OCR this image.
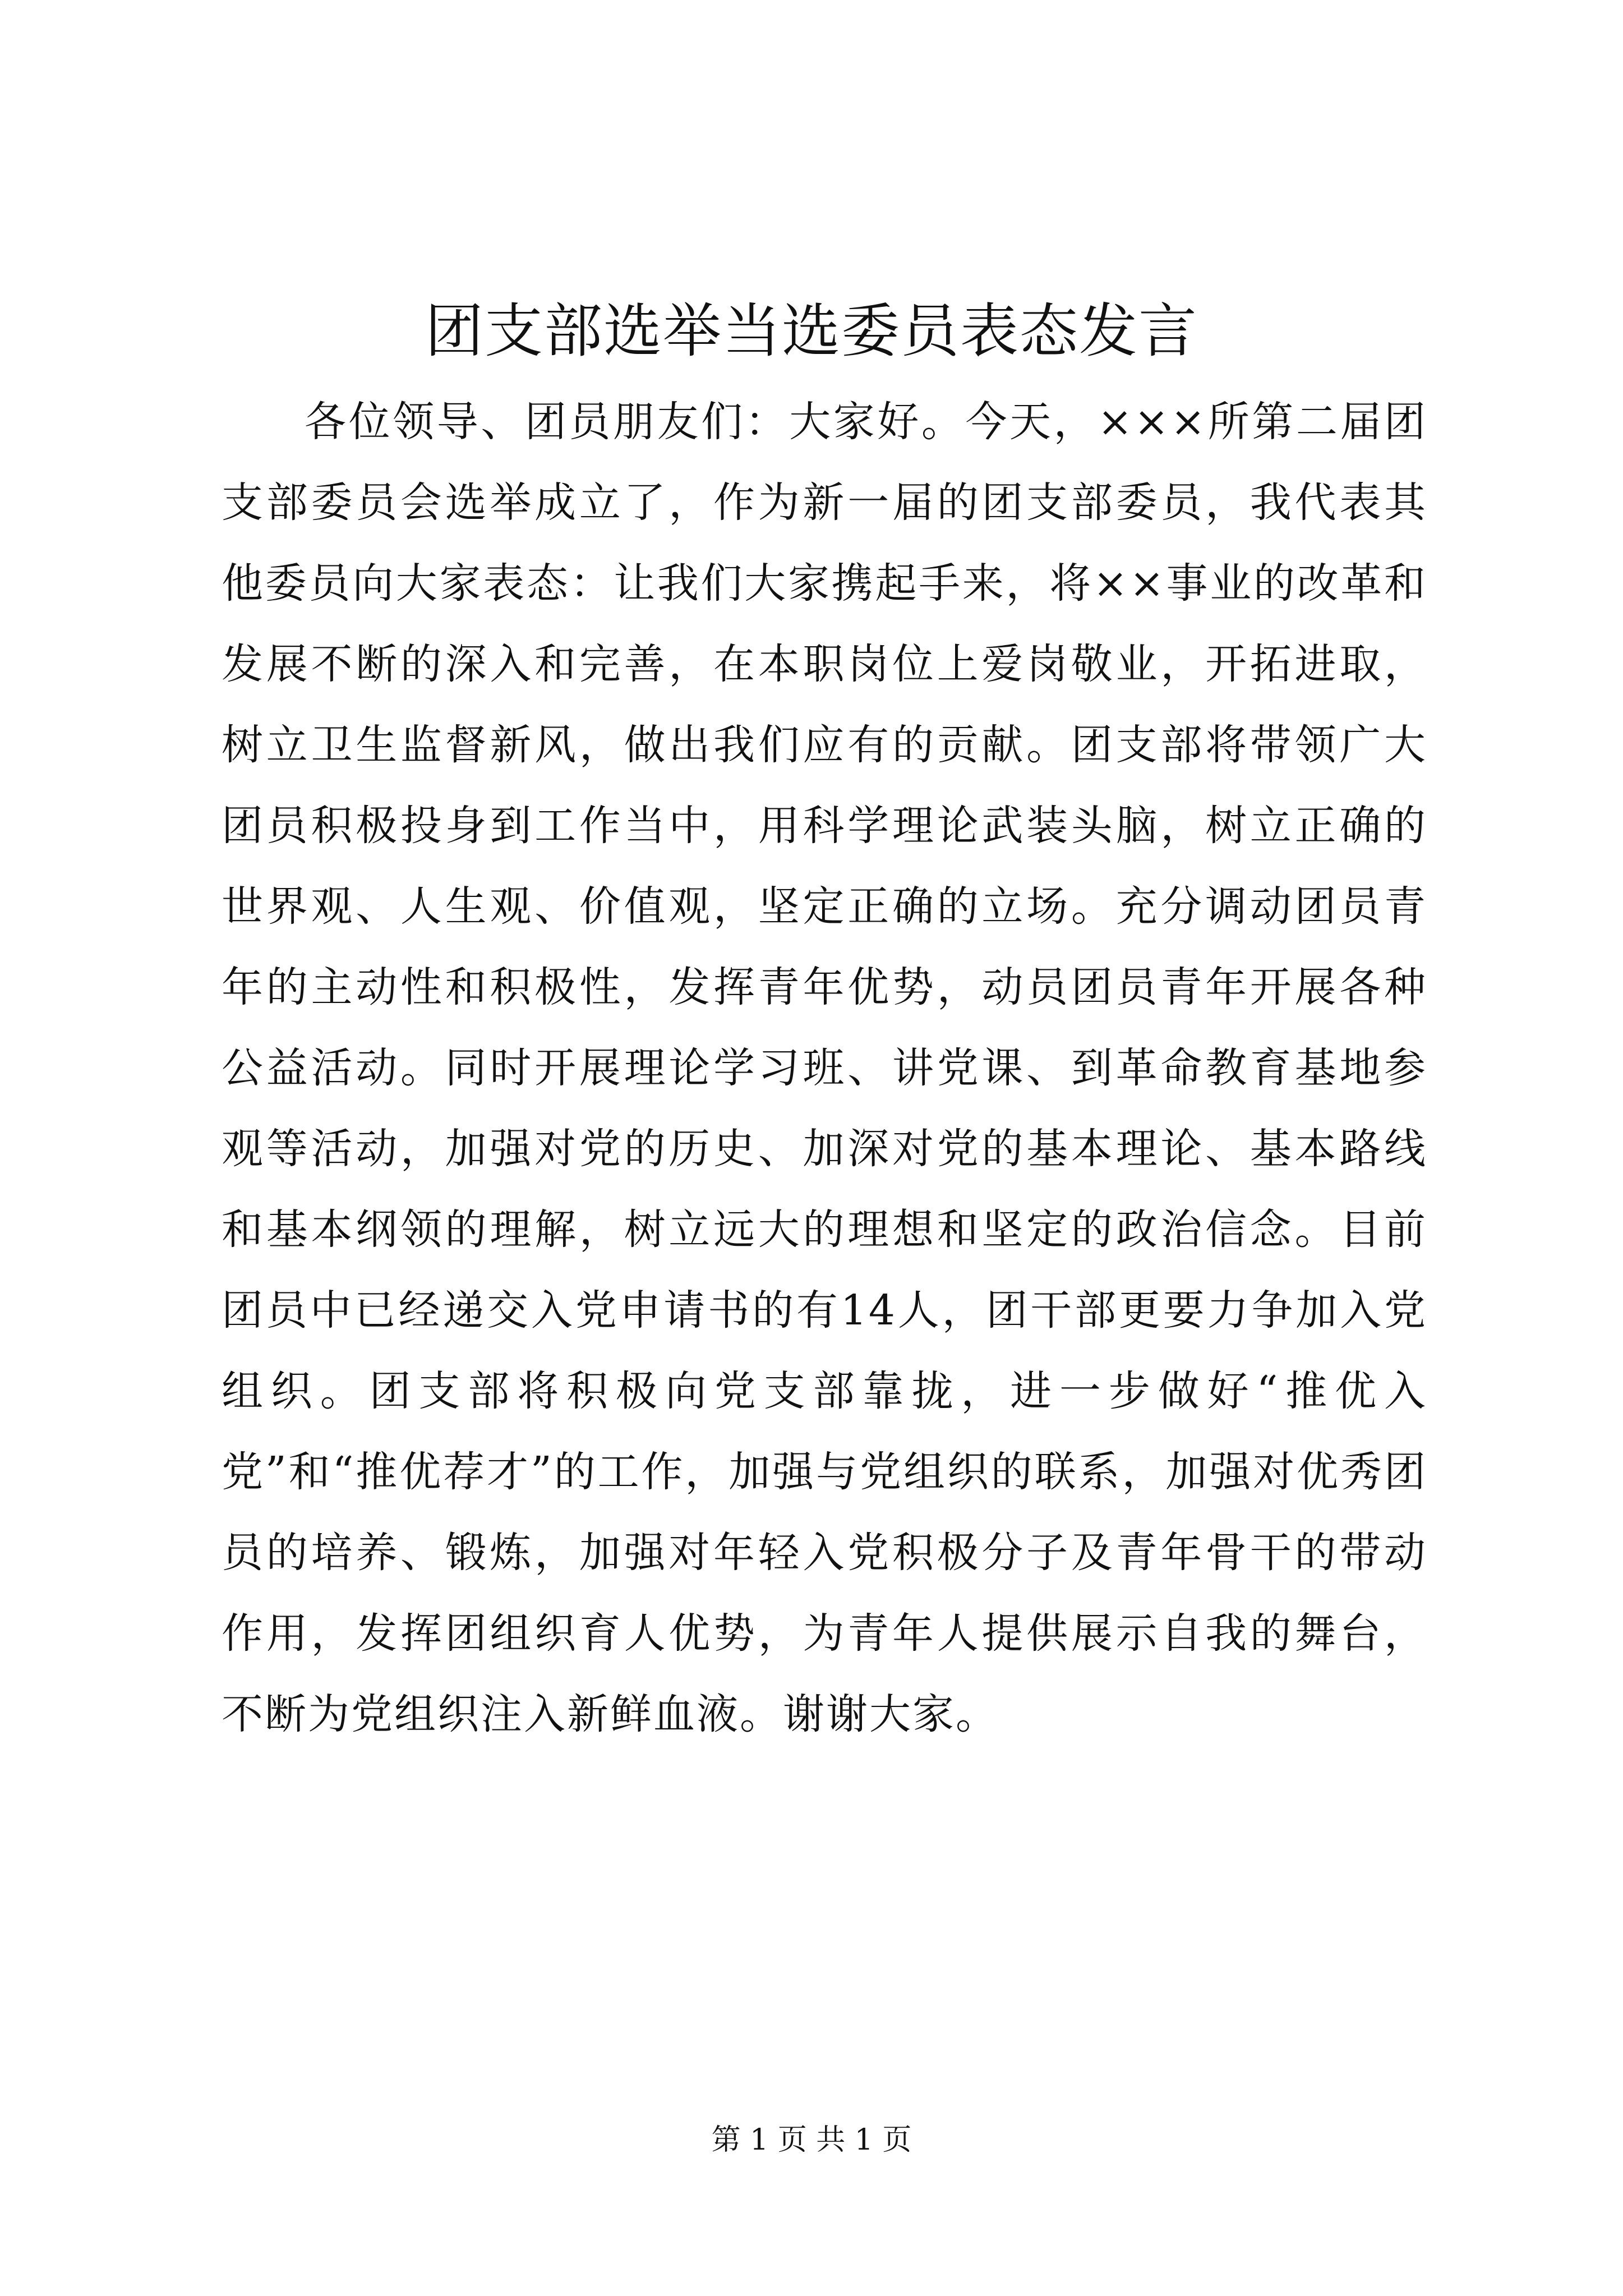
团支部选举当选委员表态发言
各位领导、团员朋友们：大家好。今天，×××所第二届团支部委员会选举成立了，作为新一届的团支部委员，我代表其他委员向大家表态：让我们大家携起手来，将××事业的改革和发展不断的深入和完善，在本职岗位上爱岗敬业，开拓进取，树立卫生监督新风，做出我们应有的贡献。团支部将带领广大团员积极投身到工作当中，用科学理论武装头脑，树立正确的世界观、人生观、价值观，坚定正确的立场。充分调动团员青年的主动性和积极性，发挥青年优势，动员团员青年开展各种公益活动。同时开展理论学习班、讲党课、到革命教育基地参观等活动，加强对党的历史、加深对党的基本理论、基本路线和基本纲领的理解，树立远大的理想和坚定的政治信念。目前团员中已经递交入党申请书的有14人，团干部更要力争加入党组织。团支部将积极向党支部靠拢，进一步做好“推优入党”和“推优荐才”的工作，加强与党组织的联系，加强对优秀团员的培养、锻炼，加强对年轻入党积极分子及青年骨干的带动作用，发挥团组织育人优势，为青年人提供展示自我的舞台，不断为党组织注入新鲜血液。谢谢大家。
第 1 页 共 1 页
